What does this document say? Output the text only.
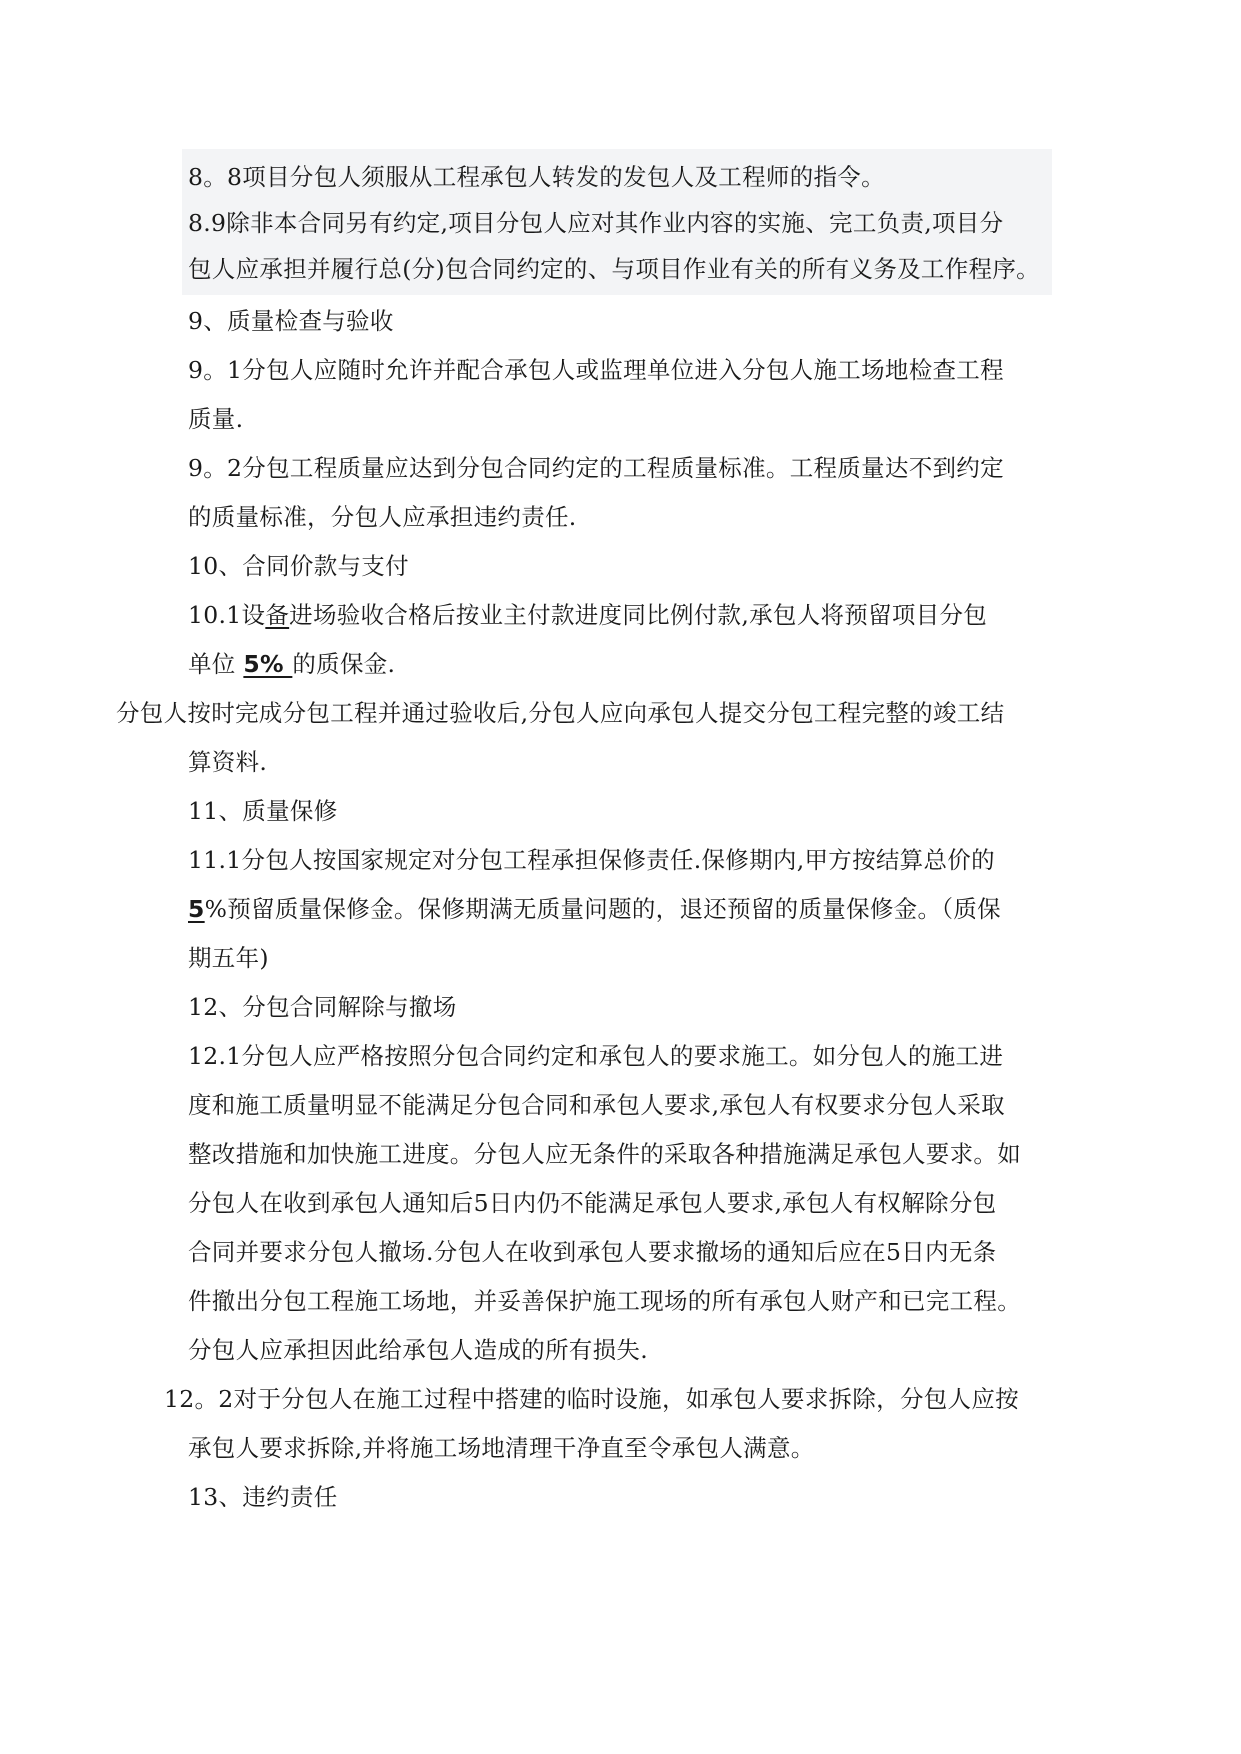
8。8项目分包人须服从工程承包人转发的发包人及工程师的指令。
8.9除非本合同另有约定,项目分包人应对其作业内容的实施、完工负责,项目分
包人应承担并履行总(分)包合同约定的、与项目作业有关的所有义务及工作程序。
9、质量检查与验收
9。1分包人应随时允许并配合承包人或监理单位进入分包人施工场地检查工程
质量.
9。2分包工程质量应达到分包合同约定的工程质量标准。工程质量达不到约定
的质量标准，分包人应承担违约责任.
10、合同价款与支付
10.1设备进场验收合格后按业主付款进度同比例付款,承包人将预留项目分包
单位 5% 的质保金.
分包人按时完成分包工程并通过验收后,分包人应向承包人提交分包工程完整的竣工结
算资料.
11、质量保修
11.1分包人按国家规定对分包工程承担保修责任.保修期内,甲方按结算总价的
5%预留质量保修金。保修期满无质量问题的，退还预留的质量保修金。（质保
期五年)
12、分包合同解除与撤场
12.1分包人应严格按照分包合同约定和承包人的要求施工。如分包人的施工进
度和施工质量明显不能满足分包合同和承包人要求,承包人有权要求分包人采取
整改措施和加快施工进度。分包人应无条件的采取各种措施满足承包人要求。如
分包人在收到承包人通知后5日内仍不能满足承包人要求,承包人有权解除分包
合同并要求分包人撤场.分包人在收到承包人要求撤场的通知后应在5日内无条
件撤出分包工程施工场地，并妥善保护施工现场的所有承包人财产和已完工程。
分包人应承担因此给承包人造成的所有损失.
12。2对于分包人在施工过程中搭建的临时设施，如承包人要求拆除，分包人应按
承包人要求拆除,并将施工场地清理干净直至令承包人满意。
13、违约责任
